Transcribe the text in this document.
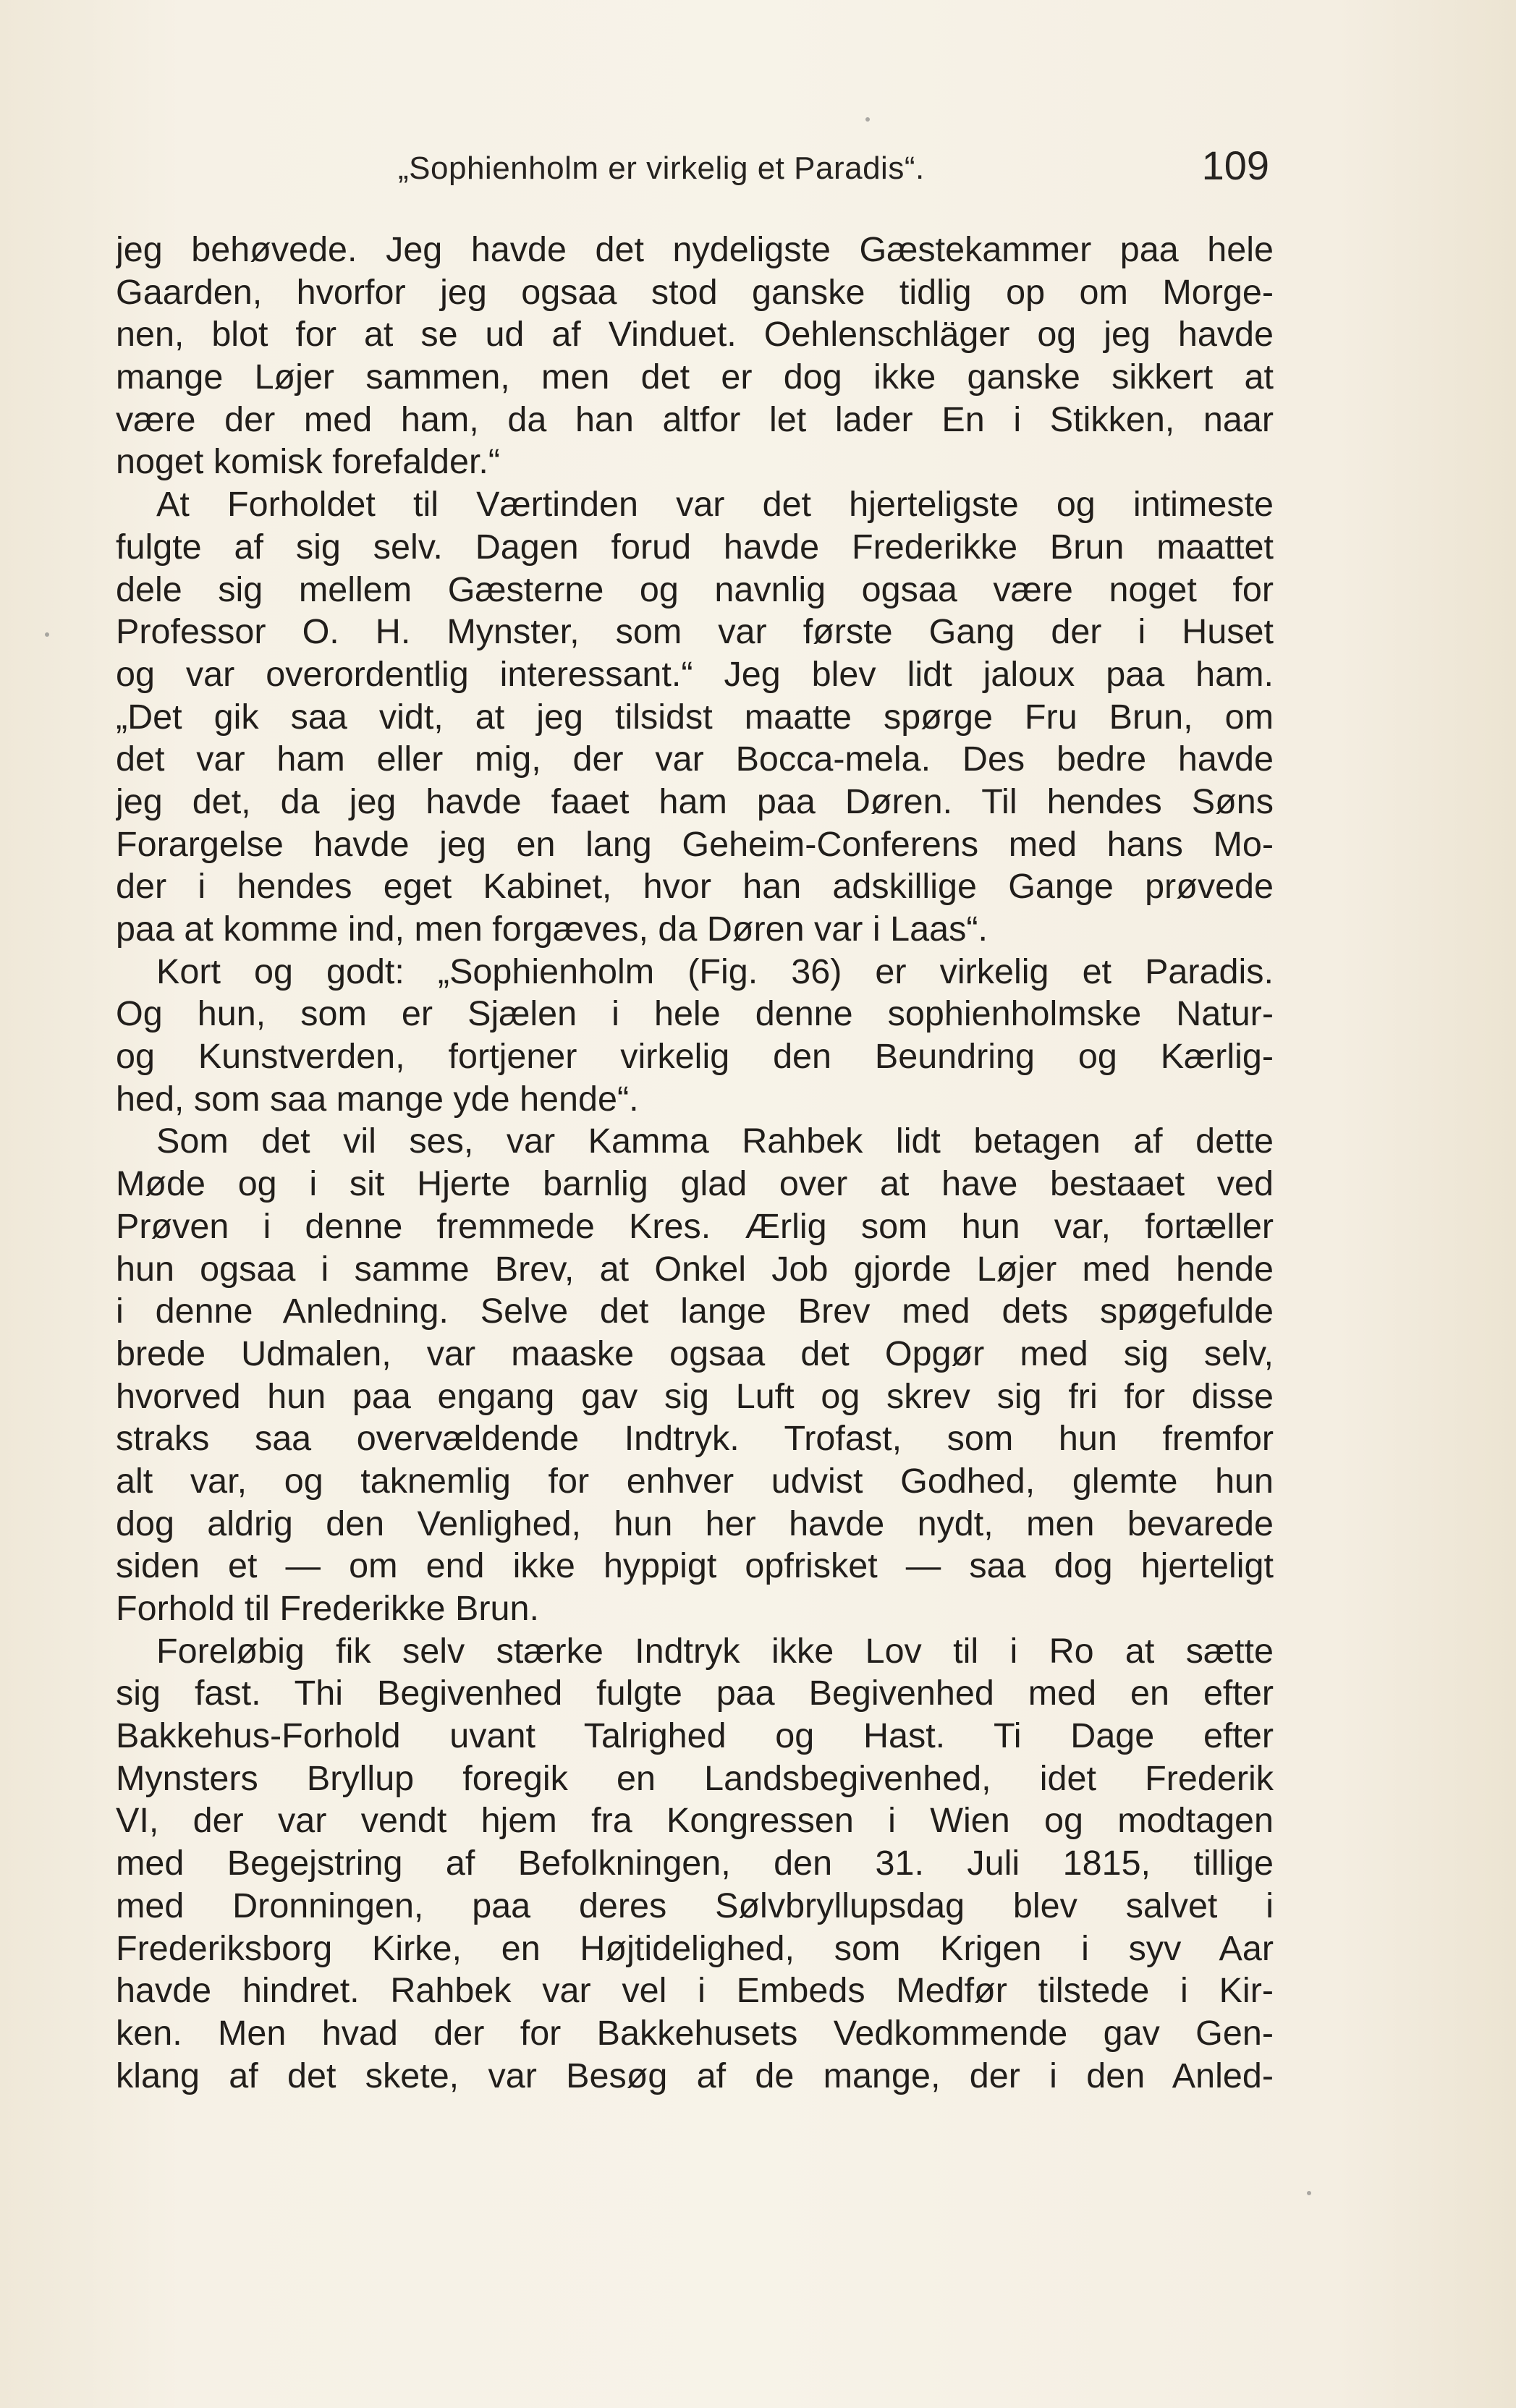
„Sophienholm er virkelig et Paradis“.	109
jeg behøvede. Jeg havde det nydeligste Gæstekammer paa hele
Gaarden, hvorfor jeg ogsaa stod ganske tidlig op om Morge-
nen, blot for at se ud af Vinduet. Oehlenschläger og jeg havde
mange Løjer sammen, men det er dog ikke ganske sikkert at
være der med ham, da han altfor let lader En i Stikken, naar
noget komisk forefalder.“
At Forholdet til Værtinden var det hjerteligste og intimeste
fulgte af sig selv. Dagen forud havde Frederikke Brun maattet
dele sig mellem Gæsterne og navnlig ogsaa være noget for
Professor O. H. Mynster, som var første Gang der i Huset
og var overordentlig interessant.“ Jeg blev lidt jaloux paa ham.
„Det gik saa vidt, at jeg tilsidst maatte spørge Fru Brun, om
det var ham eller mig, der var Bocca-mela. Des bedre havde
jeg det, da jeg havde faaet ham paa Døren. Til hendes Søns
Forargelse havde jeg en lang Geheim-Conferens med hans Mo-
der i hendes eget Kabinet, hvor han adskillige Gange prøvede
paa at komme ind, men forgæves, da Døren var i Laas“.
Kort og godt: „Sophienholm (Fig. 36) er virkelig et Paradis.
Og hun, som er Sjælen i hele denne sophienholmske Natur-
og Kunstverden, fortjener virkelig den Beundring og Kærlig-
hed, som saa mange yde hende“.
Som det vil ses, var Kamma Rahbek lidt betagen af dette
Møde og i sit Hjerte barnlig glad over at have bestaaet ved
Prøven i denne fremmede Kres. Ærlig som hun var, fortæller
hun ogsaa i samme Brev, at Onkel Job gjorde Løjer med hende
i denne Anledning. Selve det lange Brev med dets spøgefulde
brede Udmalen, var maaske ogsaa det Opgør med sig selv,
hvorved hun paa engang gav sig Luft og skrev sig fri for disse
straks saa overvældende Indtryk. Trofast, som hun fremfor
alt var, og taknemlig for enhver udvist Godhed, glemte hun
dog aldrig den Venlighed, hun her havde nydt, men bevarede
siden et — om end ikke hyppigt opfrisket — saa dog hjerteligt
Forhold til Frederikke Brun.
Foreløbig fik selv stærke Indtryk ikke Lov til i Ro at sætte
sig fast. Thi Begivenhed fulgte paa Begivenhed med en efter
Bakkehus-Forhold uvant Talrighed og Hast. Ti Dage efter
Mynsters Bryllup foregik en Landsbegivenhed, idet Frederik
VI, der var vendt hjem fra Kongressen i Wien og modtagen
med Begejstring af Befolkningen, den 31. Juli 1815, tillige
med Dronningen, paa deres Sølvbryllupsdag blev salvet i
Frederiksborg Kirke, en Højtidelighed, som Krigen i syv Aar
havde hindret. Rahbek var vel i Embeds Medfør tilstede i Kir-
ken. Men hvad der for Bakkehusets Vedkommende gav Gen-
klang af det skete, var Besøg af de mange, der i den Anled-
